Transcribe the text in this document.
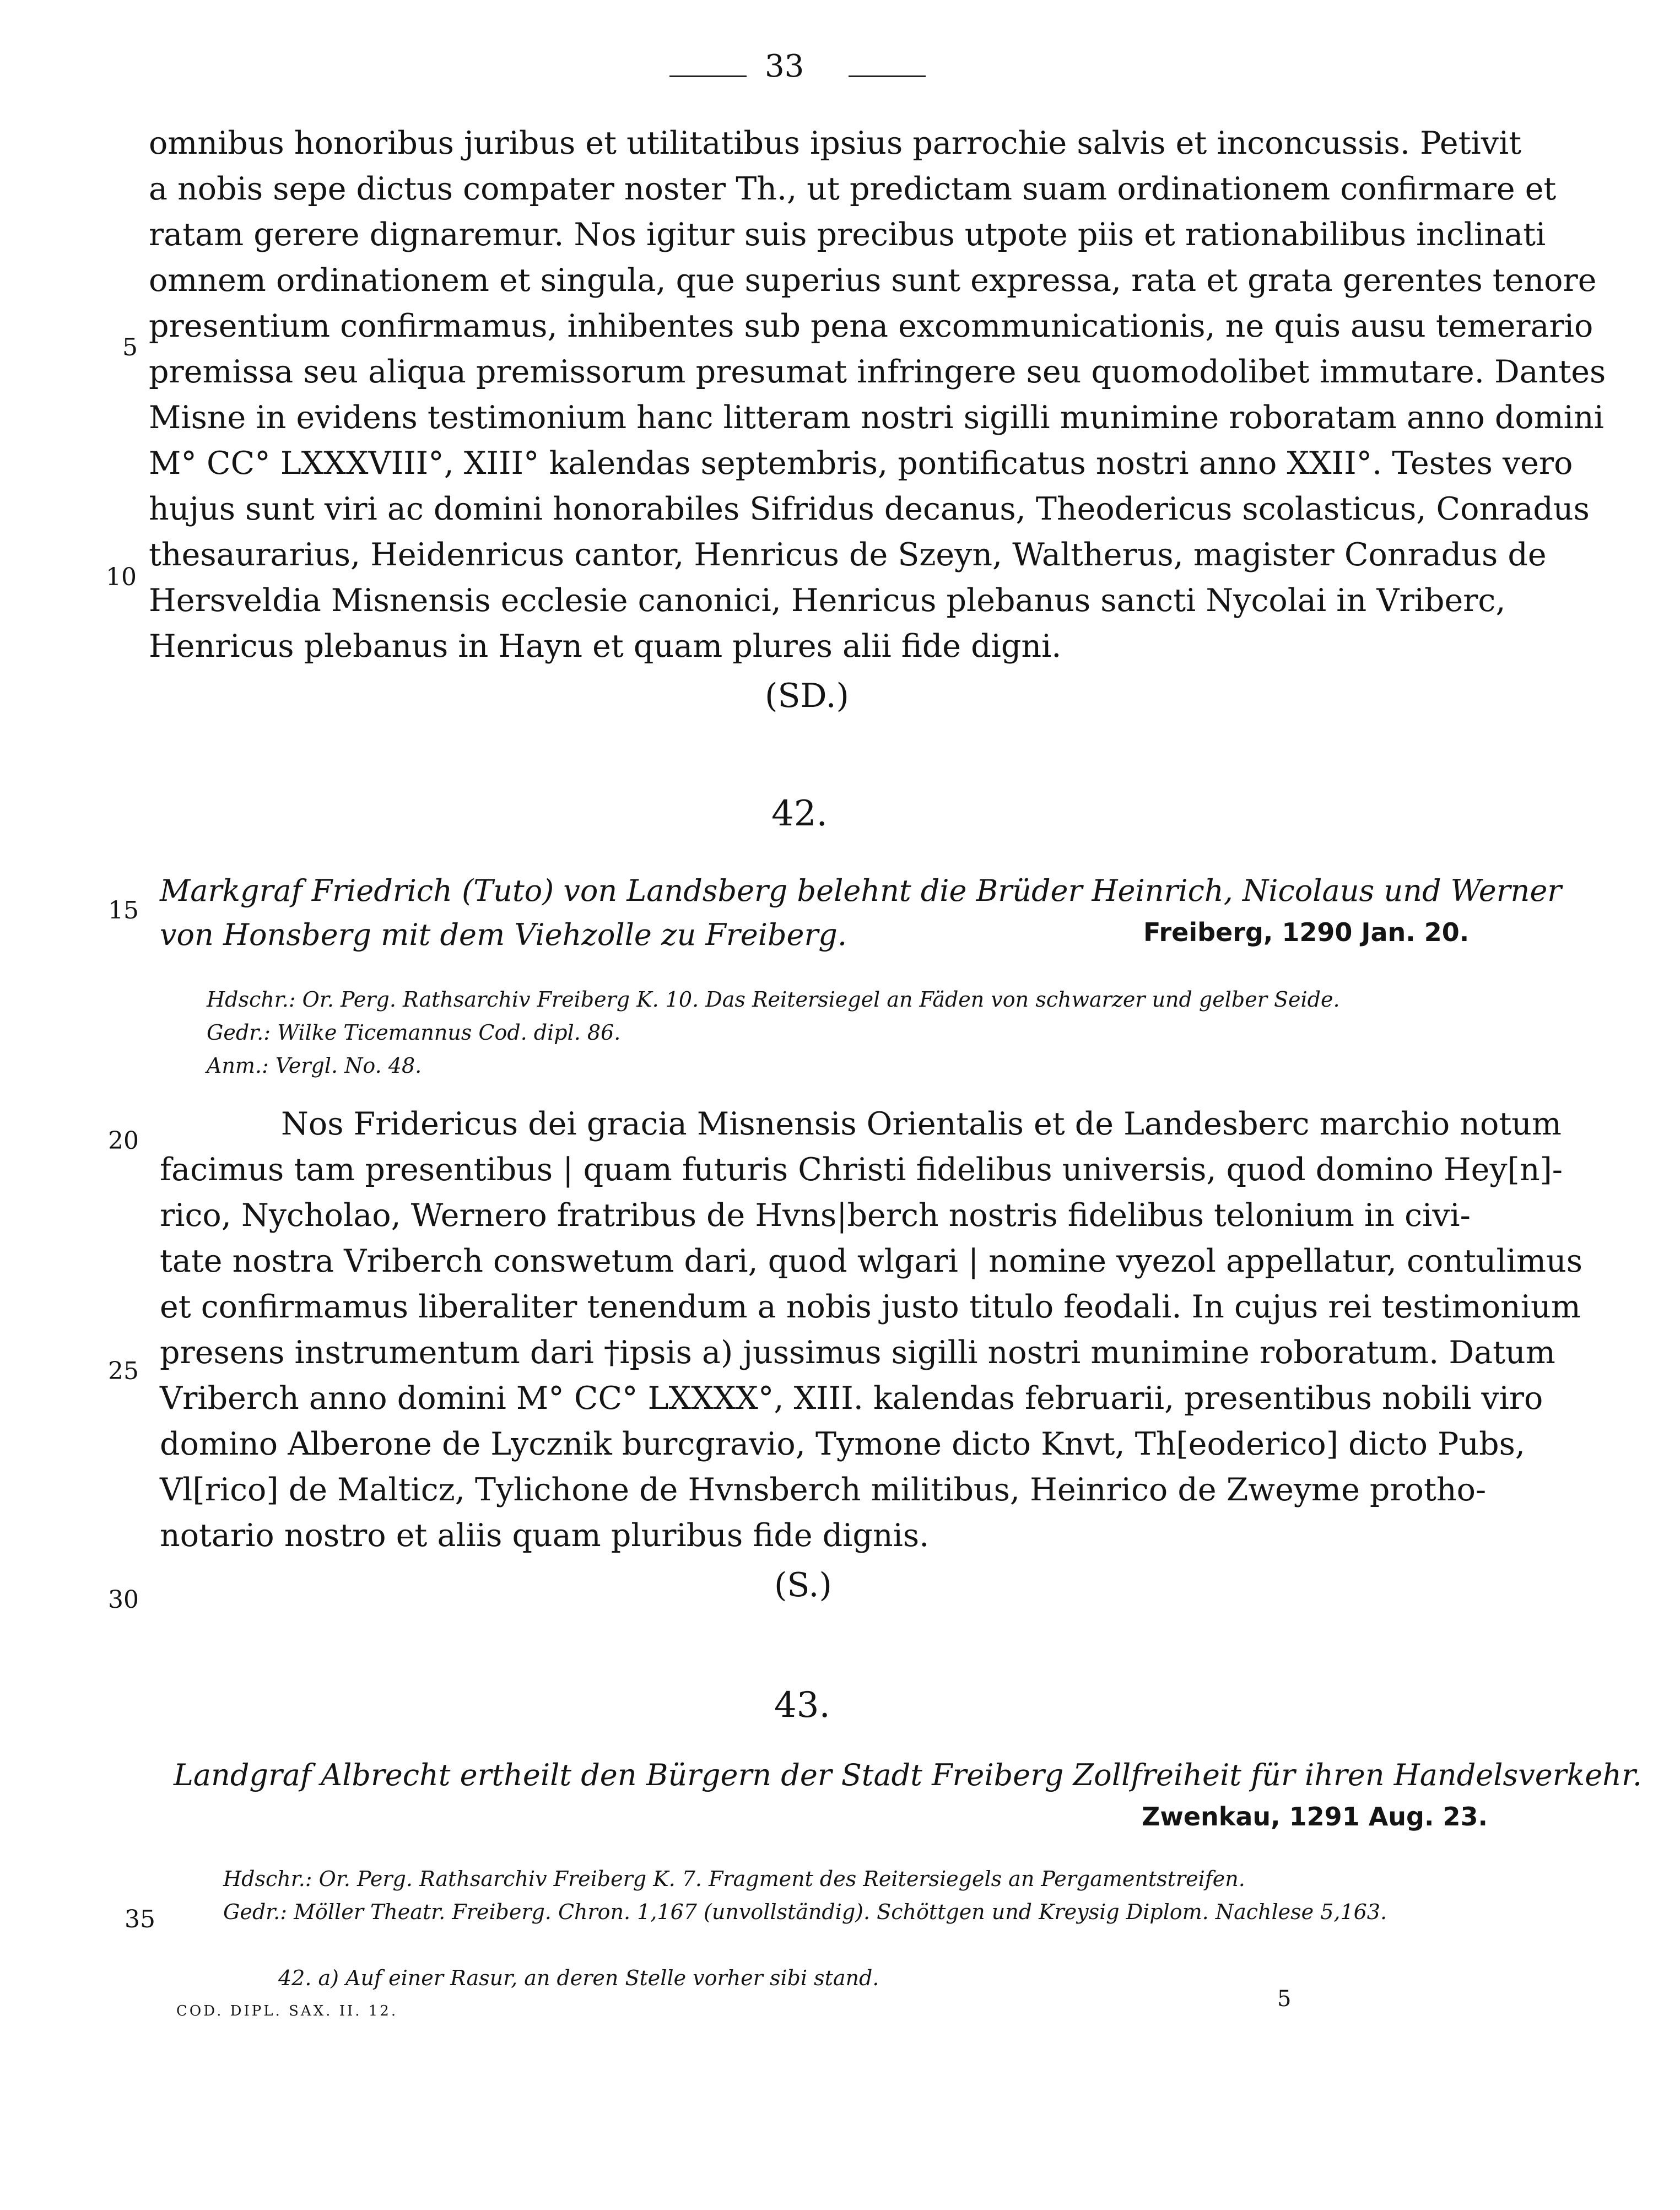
33
omnibus honoribus juribus et utilitatibus ipsius parrochie salvis et inconcussis. Petivit
a nobis sepe dictus compater noster Th., ut predictam suam ordinationem confirmare et
ratam gerere dignaremur. Nos igitur suis precibus utpote piis et rationabilibus inclinati
omnem ordinationem et singula, que superius sunt expressa, rata et grata gerentes tenore
presentium confirmamus, inhibentes sub pena excommunicationis, ne quis ausu temerario
premissa seu aliqua premissorum presumat infringere seu quomodolibet immutare. Dantes
Misne in evidens testimonium hanc litteram nostri sigilli munimine roboratam anno domini
M° CC° LXXXVIII°, XIII° kalendas septembris, pontificatus nostri anno XXII°. Testes vero
hujus sunt viri ac domini honorabiles Sifridus decanus, Theodericus scolasticus, Conradus
thesaurarius, Heidenricus cantor, Henricus de Szeyn, Waltherus, magister Conradus de
Hersveldia Misnensis ecclesie canonici, Henricus plebanus sancti Nycolai in Vriberc,
Henricus plebanus in Hayn et quam plures alii fide digni.
(SD.)
42.
Markgraf Friedrich (Tuto) von Landsberg belehnt die Brüder Heinrich, Nicolaus und Werner
von Honsberg mit dem Viehzolle zu Freiberg.	Freiberg, 1290 Jan. 20.
Hdschr.: Or. Perg. Rathsarchiv Freiberg K. 10. Das Reitersiegel an Fäden von schwarzer und gelber Seide.
Gedr.: Wilke Ticemannus Cod. dipl. 86.
Anm.: Vergl. No. 48.
Nos Fridericus dei gracia Misnensis Orientalis et de Landesberc marchio notum
facimus tam presentibus | quam futuris Christi fidelibus universis, quod domino Hey[n]-
rico, Nycholao, Wernero fratribus de Hvns|berch nostris fidelibus telonium in civi-
tate nostra Vriberch conswetum dari, quod wlgari | nomine vyezol appellatur, contulimus
et confirmamus liberaliter tenendum a nobis justo titulo feodali. In cujus rei testimonium
presens instrumentum dari †ipsis a) jussimus sigilli nostri munimine roboratum. Datum
Vriberch anno domini M° CC° LXXXX°, XIII. kalendas februarii, presentibus nobili viro
domino Alberone de Lycznik burcgravio, Tymone dicto Knvt, Th[eoderico] dicto Pubs,
Vl[rico] de Malticz, Tylichone de Hvnsberch militibus, Heinrico de Zweyme protho-
notario nostro et aliis quam pluribus fide dignis.
(S.)
43.
Landgraf Albrecht ertheilt den Bürgern der Stadt Freiberg Zollfreiheit für ihren Handelsverkehr.
Zwenkau, 1291 Aug. 23.
Hdschr.: Or. Perg. Rathsarchiv Freiberg K. 7. Fragment des Reitersiegels an Pergamentstreifen.
Gedr.: Möller Theatr. Freiberg. Chron. 1,167 (unvollständig). Schöttgen und Kreysig Diplom. Nachlese 5,163.
5
10
15
20
25
30
35
42. a) Auf einer Rasur, an deren Stelle vorher sibi stand.
COD. DIPL. SAX. II. 12.	5
